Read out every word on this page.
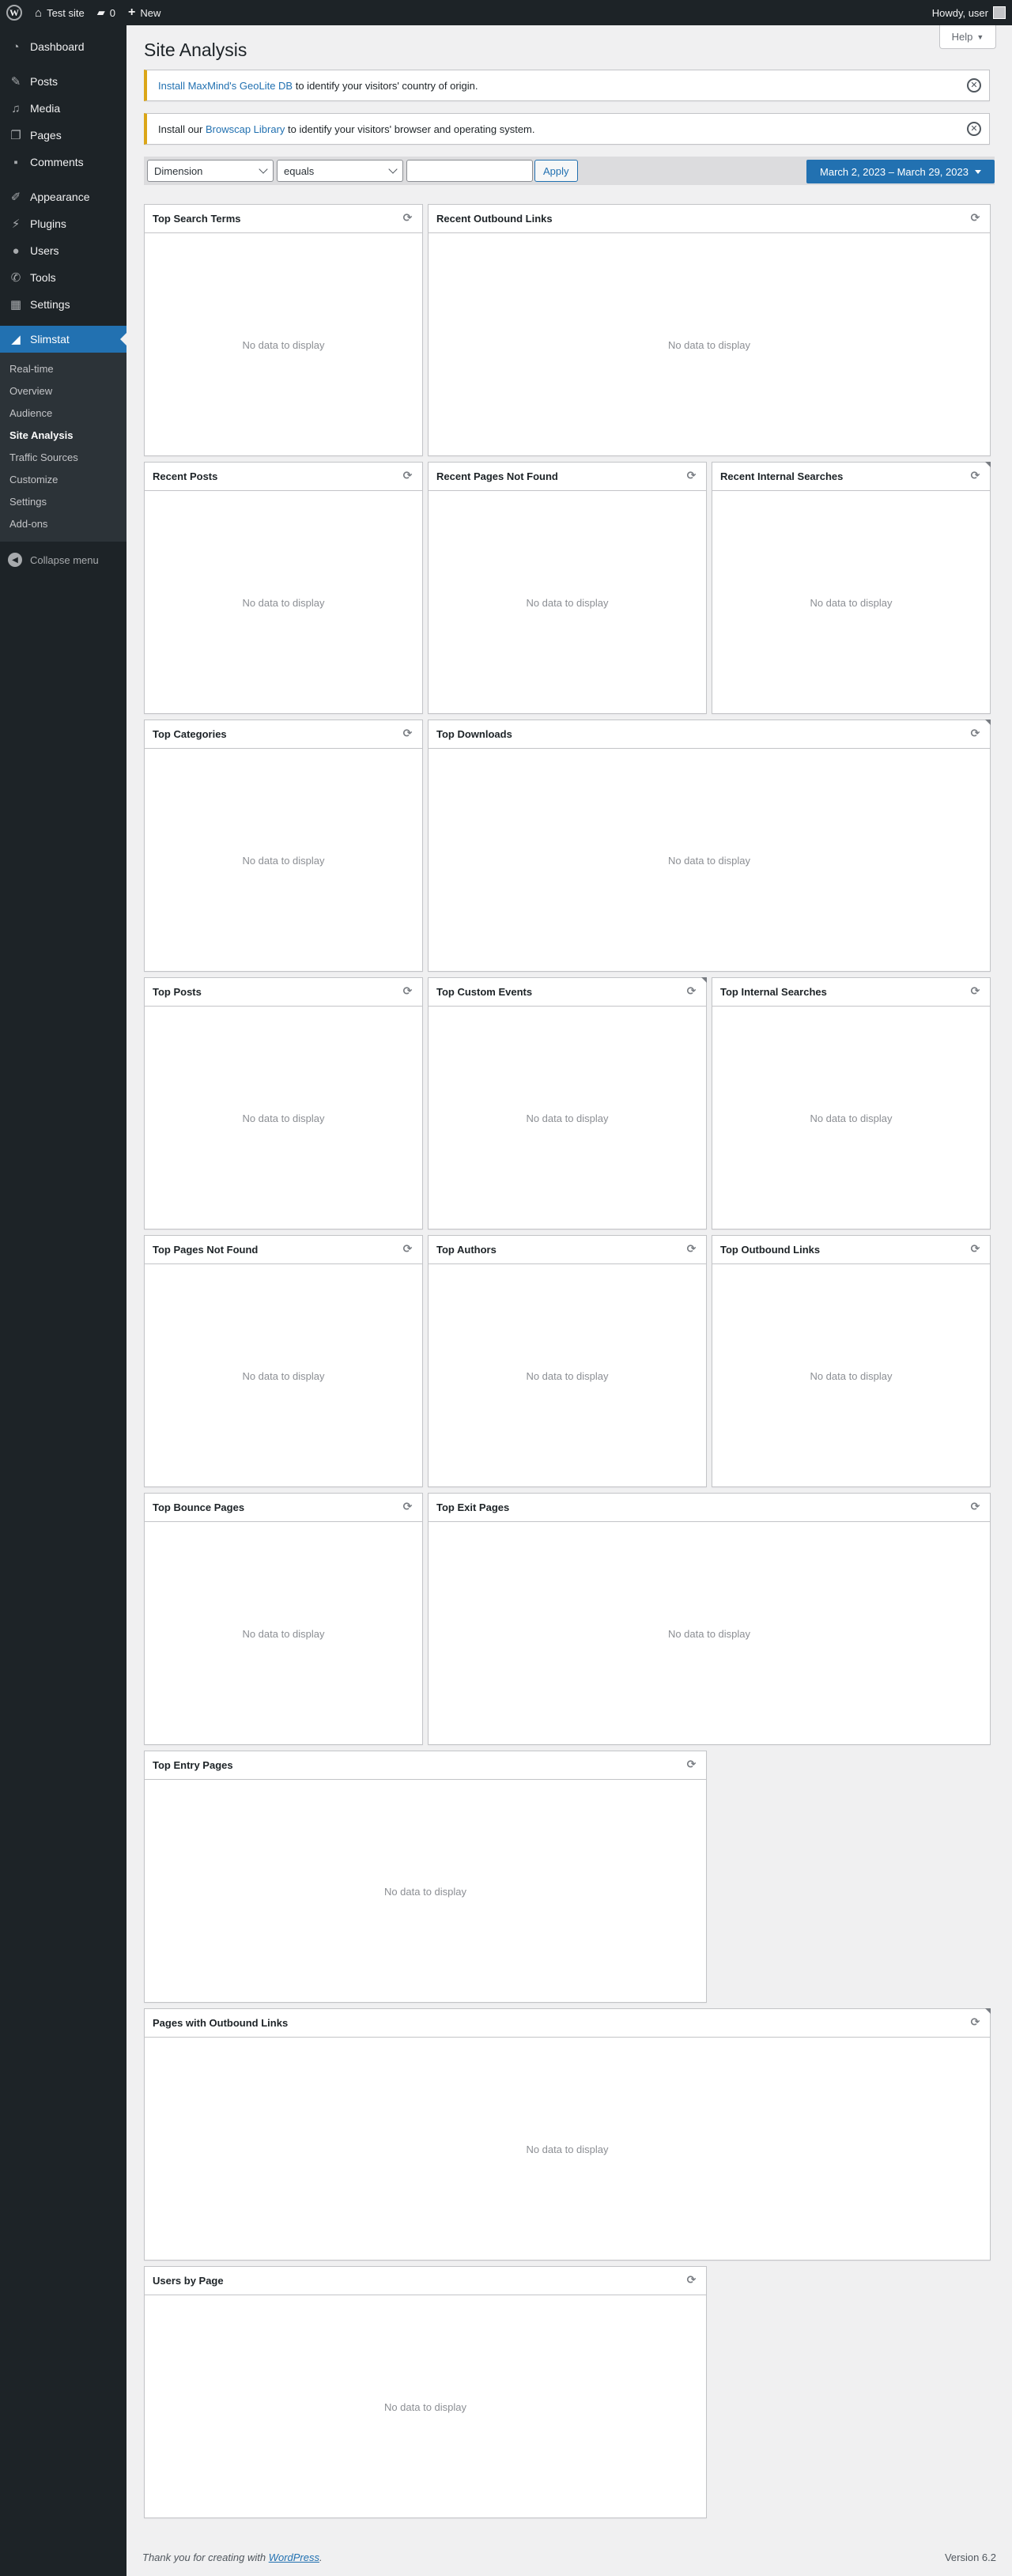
W ⌂ Test site ▰ 0 + New	Howdy, user
◔ Dashboard
✎ Posts
♫ Media
❐ Pages
▪	Comments
✐ Appearance
⚡ Plugins
● Users
✆ Tools
▦ Settings
◢ Slimstat
Real-time
Overview
Audience
Site Analysis
Traffic Sources
Customize
Settings
Add-ons
◀	Collapse menu
Help ▼
Site Analysis
Install MaxMind's GeoLite DB to identify your visitors' country of origin.	✕
Install our Browscap Library to identify your visitors' browser and operating system.	✕
Dimension	equals	Apply	March 2, 2023 – March 29, 2023
Top Search Terms	⟳
No data to display
Recent Outbound Links	⟳
No data to display
Recent Posts	⟳
No data to display
Recent Pages Not Found	⟳
No data to display
Recent Internal Searches	⟳
No data to display
Top Categories	⟳
No data to display
Top Downloads	⟳
No data to display
Top Posts	⟳
No data to display
Top Custom Events	⟳
No data to display
Top Internal Searches	⟳
No data to display
Top Pages Not Found	⟳
No data to display
Top Authors	⟳
No data to display
Top Outbound Links	⟳
No data to display
Top Bounce Pages	⟳
No data to display
Top Exit Pages	⟳
No data to display
Top Entry Pages	⟳
No data to display
Pages with Outbound Links	⟳
No data to display
Users by Page	⟳
No data to display
Thank you for creating with WordPress.	Version 6.2
